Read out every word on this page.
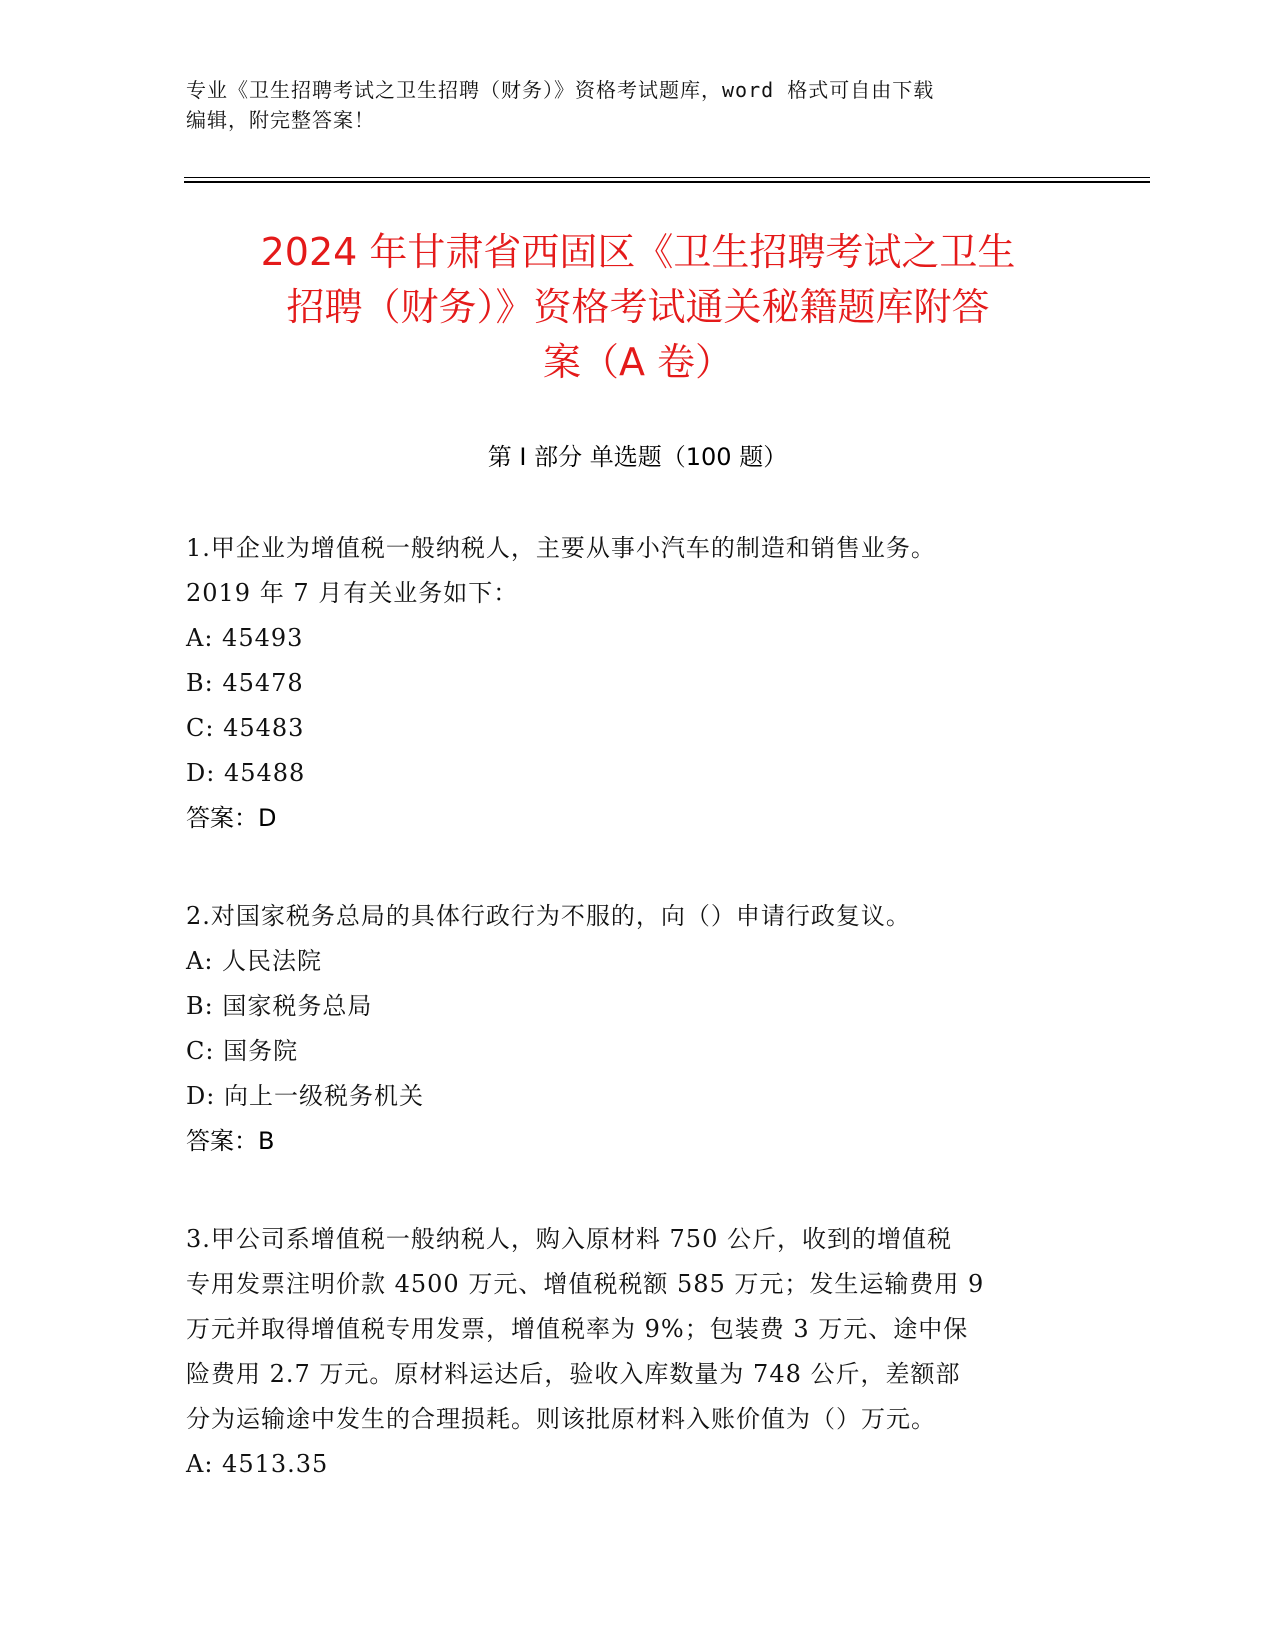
专业《卫生招聘考试之卫生招聘（财务）》资格考试题库，word 格式可自由下载
编辑，附完整答案！
2024 年甘肃省西固区《卫生招聘考试之卫生
招聘（财务）》资格考试通关秘籍题库附答
案（A 卷）
第 I 部分 单选题（100 题）
1.甲企业为增值税一般纳税人，主要从事小汽车的制造和销售业务。
2019 年 7 月有关业务如下：
A: 45493
B: 45478
C: 45483
D: 45488
答案：D
2.对国家税务总局的具体行政行为不服的，向（）申请行政复议。
A: 人民法院
B: 国家税务总局
C: 国务院
D: 向上一级税务机关
答案：B
3.甲公司系增值税一般纳税人，购入原材料 750 公斤，收到的增值税
专用发票注明价款 4500 万元、增值税税额 585 万元；发生运输费用 9
万元并取得增值税专用发票，增值税率为 9%；包装费 3 万元、途中保
险费用 2.7 万元。原材料运达后，验收入库数量为 748 公斤，差额部
分为运输途中发生的合理损耗。则该批原材料入账价值为（）万元。
A: 4513.35
